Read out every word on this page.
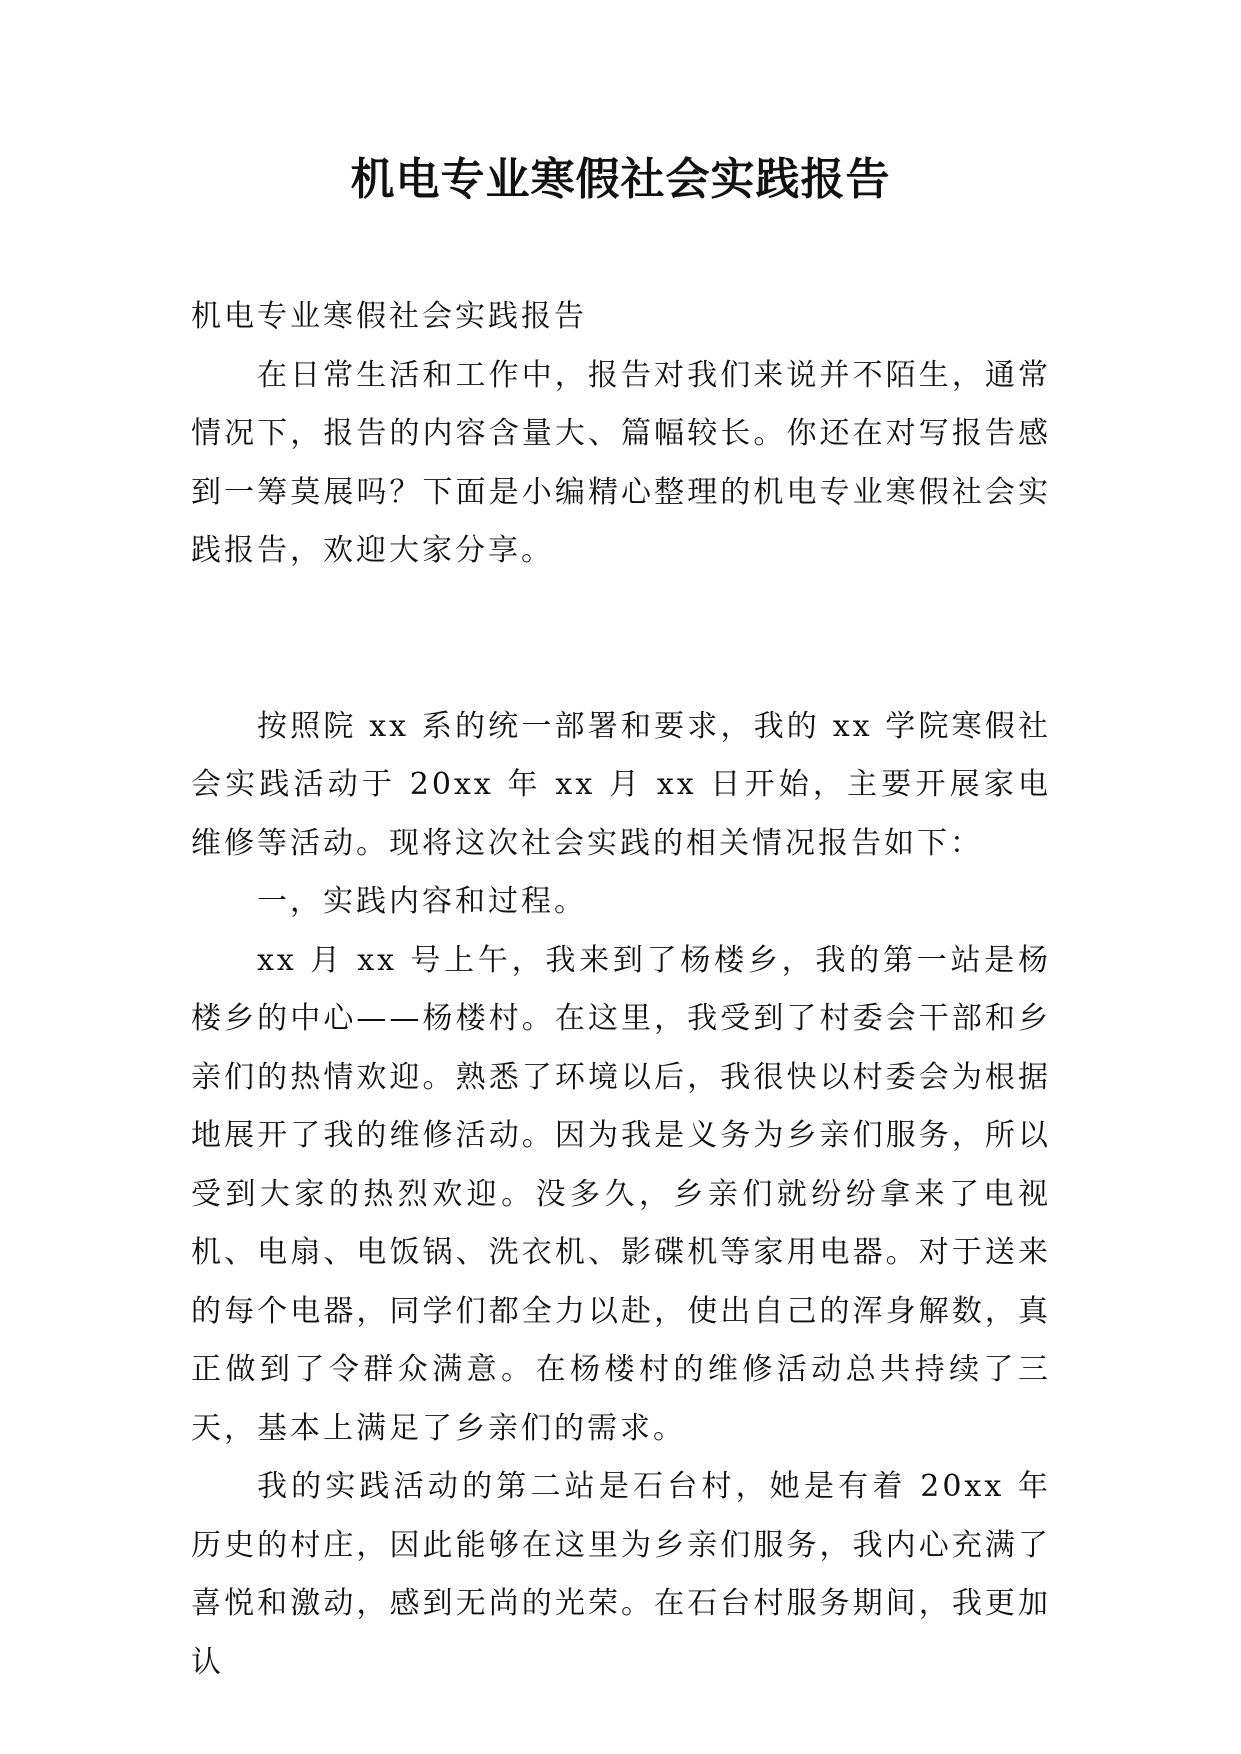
机电专业寒假社会实践报告

机电专业寒假社会实践报告

在日常生活和工作中，报告对我们来说并不陌生，通常情况下，报告的内容含量大、篇幅较长。你还在对写报告感到一筹莫展吗？下面是小编精心整理的机电专业寒假社会实践报告，欢迎大家分享。

按照院 xx 系的统一部署和要求，我的 xx 学院寒假社会实践活动于 20xx 年 xx 月 xx 日开始，主要开展家电维修等活动。现将这次社会实践的相关情况报告如下：

一，实践内容和过程。

xx 月 xx 号上午，我来到了杨楼乡，我的第一站是杨楼乡的中心——杨楼村。在这里，我受到了村委会干部和乡亲们的热情欢迎。熟悉了环境以后，我很快以村委会为根据地展开了我的维修活动。因为我是义务为乡亲们服务，所以受到大家的热烈欢迎。没多久，乡亲们就纷纷拿来了电视机、电扇、电饭锅、洗衣机、影碟机等家用电器。对于送来的每个电器，同学们都全力以赴，使出自己的浑身解数，真正做到了令群众满意。在杨楼村的维修活动总共持续了三天，基本上满足了乡亲们的需求。

我的实践活动的第二站是石台村，她是有着 20xx 年历史的村庄，因此能够在这里为乡亲们服务，我内心充满了喜悦和激动，感到无尚的光荣。在石台村服务期间，我更加认
